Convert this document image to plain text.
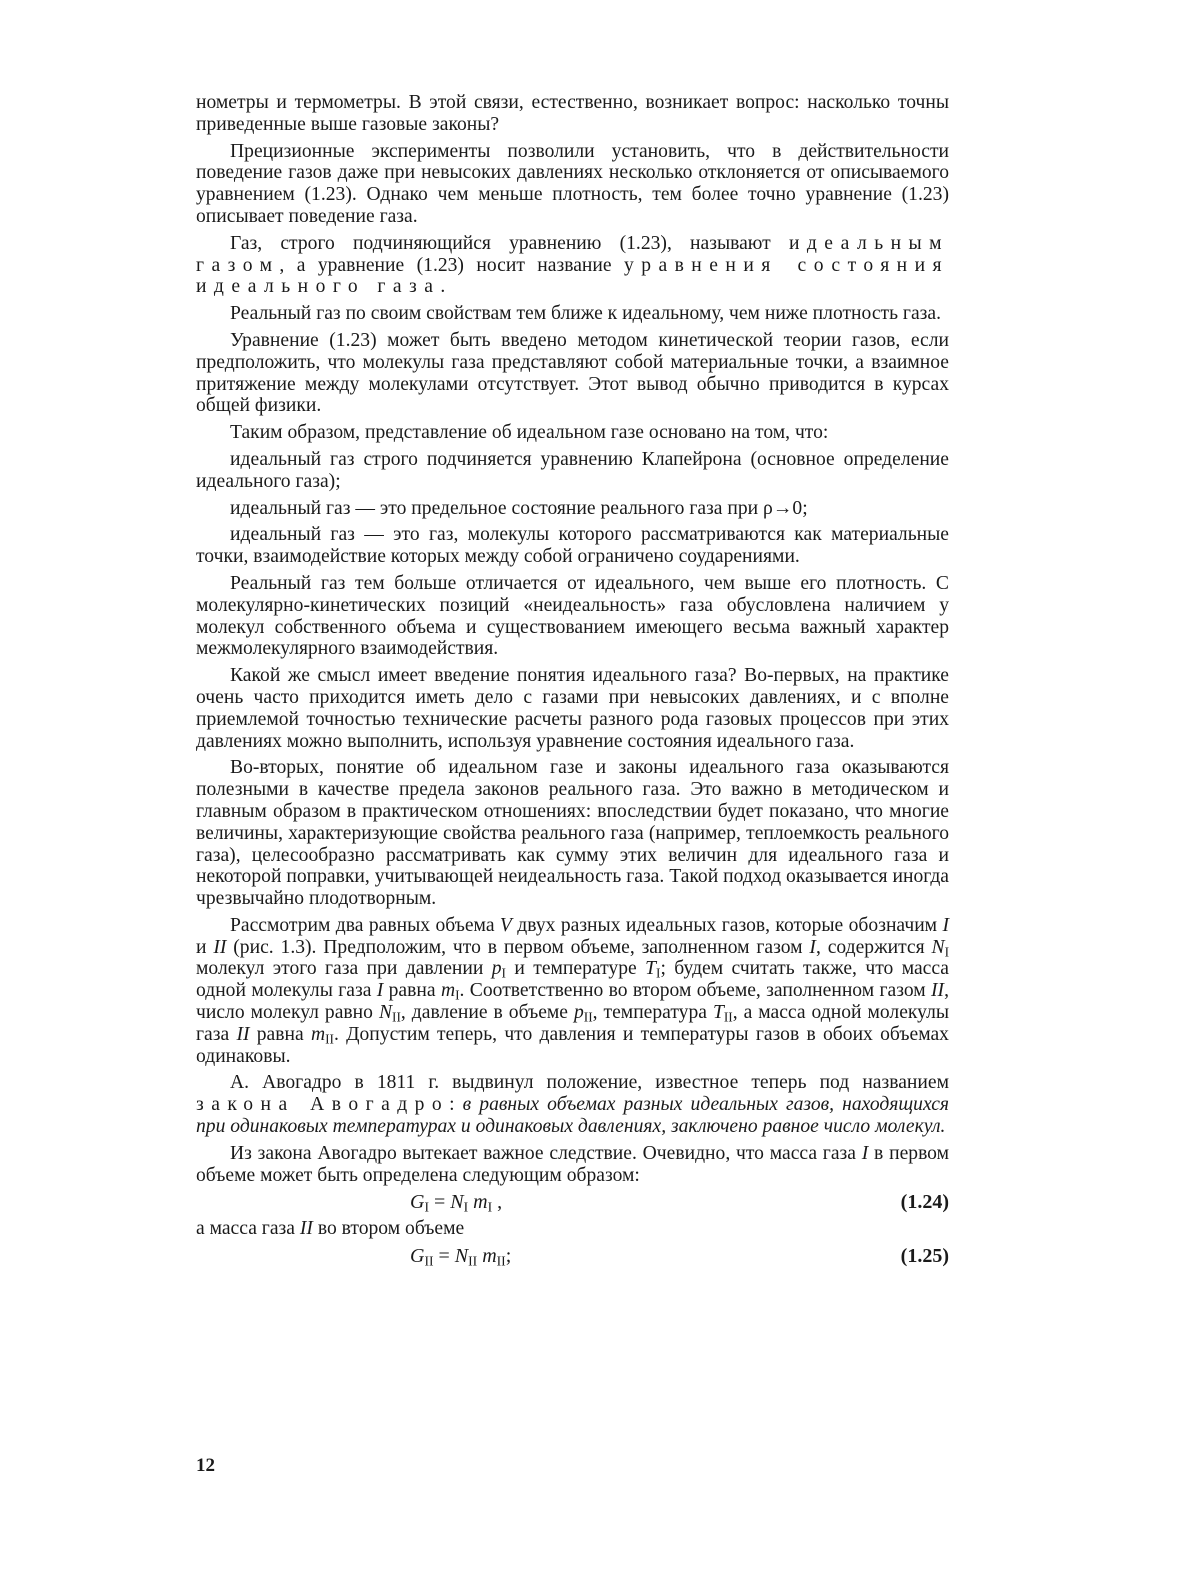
нометры и термометры. В этой связи, естественно, возникает вопрос: насколько точны приведенные выше газовые законы?

Прецизионные эксперименты позволили установить, что в действительности поведение газов даже при невысоких давлениях несколько отклоняется от описываемого уравнением (1.23). Однако чем меньше плотность, тем более точно уравнение (1.23) описывает поведение газа.

Газ, строго подчиняющийся уравнению (1.23), называют идеальным газом, а уравнение (1.23) носит название уравнения состояния идеального газа.

Реальный газ по своим свойствам тем ближе к идеальному, чем ниже плотность газа.

Уравнение (1.23) может быть введено методом кинетической теории газов, если предположить, что молекулы газа представляют собой материальные точки, а взаимное притяжение между молекулами отсутствует. Этот вывод обычно приводится в курсах общей физики.

Таким образом, представление об идеальном газе основано на том, что:

идеальный газ строго подчиняется уравнению Клапейрона (основное определение идеального газа);

идеальный газ — это предельное состояние реального газа при ρ→0;

идеальный газ — это газ, молекулы которого рассматриваются как материальные точки, взаимодействие которых между собой ограничено соударениями.

Реальный газ тем больше отличается от идеального, чем выше его плотность. С молекулярно-кинетических позиций «неидеальность» газа обусловлена наличием у молекул собственного объема и существованием имеющего весьма важный характер межмолекулярного взаимодействия.

Какой же смысл имеет введение понятия идеального газа? Во-первых, на практике очень часто приходится иметь дело с газами при невысоких давлениях, и с вполне приемлемой точностью технические расчеты разного рода газовых процессов при этих давлениях можно выполнить, используя уравнение состояния идеального газа.

Во-вторых, понятие об идеальном газе и законы идеального газа оказываются полезными в качестве предела законов реального газа. Это важно в методическом и главным образом в практическом отношениях: впоследствии будет показано, что многие величины, характеризующие свойства реального газа (например, теплоемкость реального газа), целесообразно рассматривать как сумму этих величин для идеального газа и некоторой поправки, учитывающей неидеальность газа. Такой подход оказывается иногда чрезвычайно плодотворным.

Рассмотрим два равных объема V двух разных идеальных газов, которые обозначим I и II (рис. 1.3). Предположим, что в первом объеме, заполненном газом I, содержится $N_I$ молекул этого газа при давлении $p_I$ и температуре $T_I$; будем считать также, что масса одной молекулы газа I равна $m_I$. Соответственно во втором объеме, заполненном газом II, число молекул равно $N_{II}$, давление в объеме $p_{II}$, температура $T_{II}$, а масса одной молекулы газа II равна $m_{II}$. Допустим теперь, что давления и температуры газов в обоих объемах одинаковы.

А. Авогадро в 1811 г. выдвинул положение, известное теперь под названием закона Авогадро: в равных объемах разных идеальных газов, находящихся при одинаковых температурах и одинаковых давлениях, заключено равное число молекул.

Из закона Авогадро вытекает важное следствие. Очевидно, что масса газа I в первом объеме может быть определена следующим образом:

$G_I = N_I$ $m_I$ ,	(1.24)

а масса газа II во втором объеме

$G_{II} = N_{II}$ $m_{II}$;	(1.25)
12
